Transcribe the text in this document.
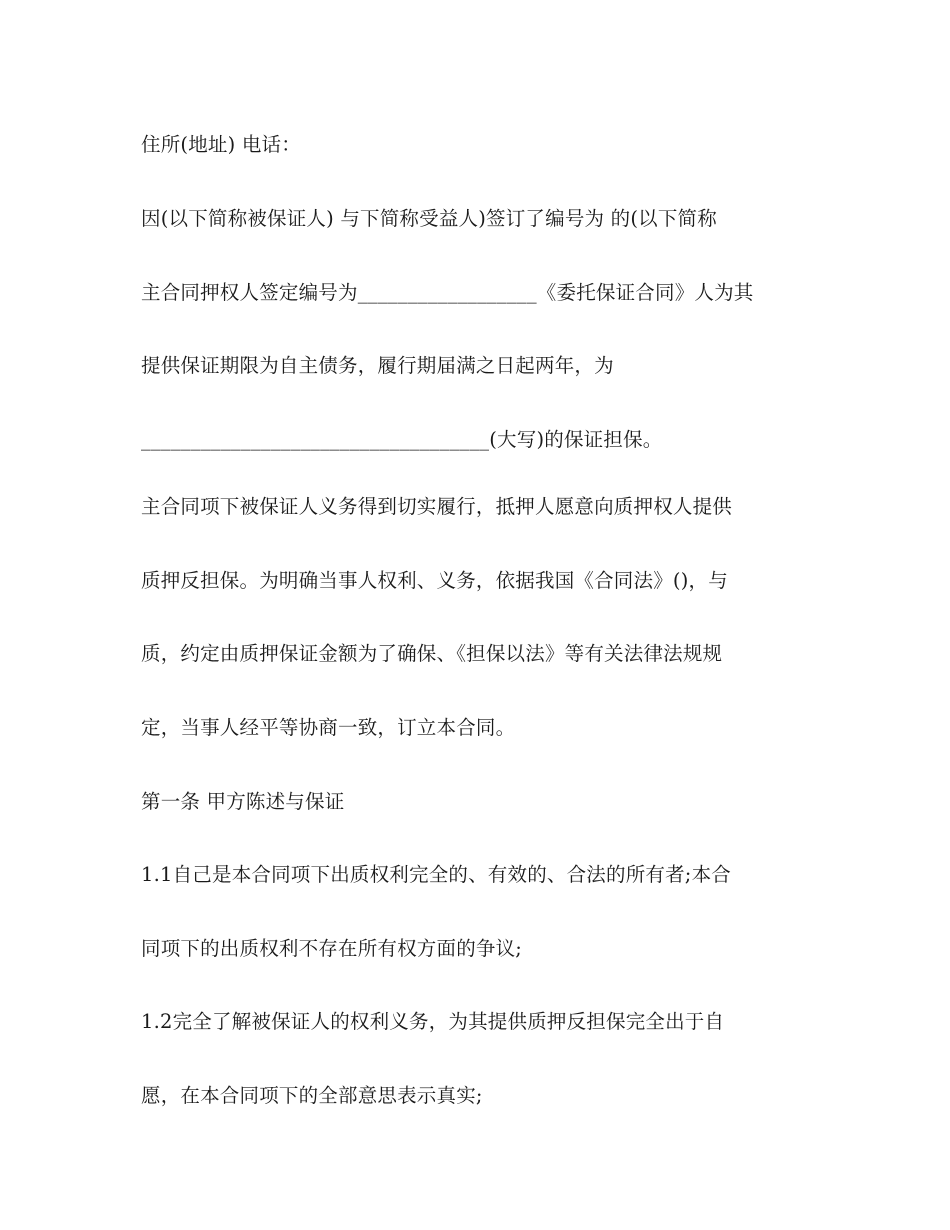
住所(地址) 电话：
因(以下简称被保证人) 与下简称受益人)签订了编号为 的(以下简称
主合同押权人签定编号为__________________《委托保证合同》人为其
提供保证期限为自主债务，履行期届满之日起两年，为
___________________________________(大写)的保证担保。
主合同项下被保证人义务得到切实履行，抵押人愿意向质押权人提供
质押反担保。为明确当事人权利、义务，依据我国《合同法》()，与
质，约定由质押保证金额为了确保、《担保以法》等有关法律法规规
定，当事人经平等协商一致，订立本合同。
第一条 甲方陈述与保证
1.1自己是本合同项下出质权利完全的、有效的、合法的所有者;本合
同项下的出质权利不存在所有权方面的争议;
1.2完全了解被保证人的权利义务，为其提供质押反担保完全出于自
愿，在本合同项下的全部意思表示真实;
